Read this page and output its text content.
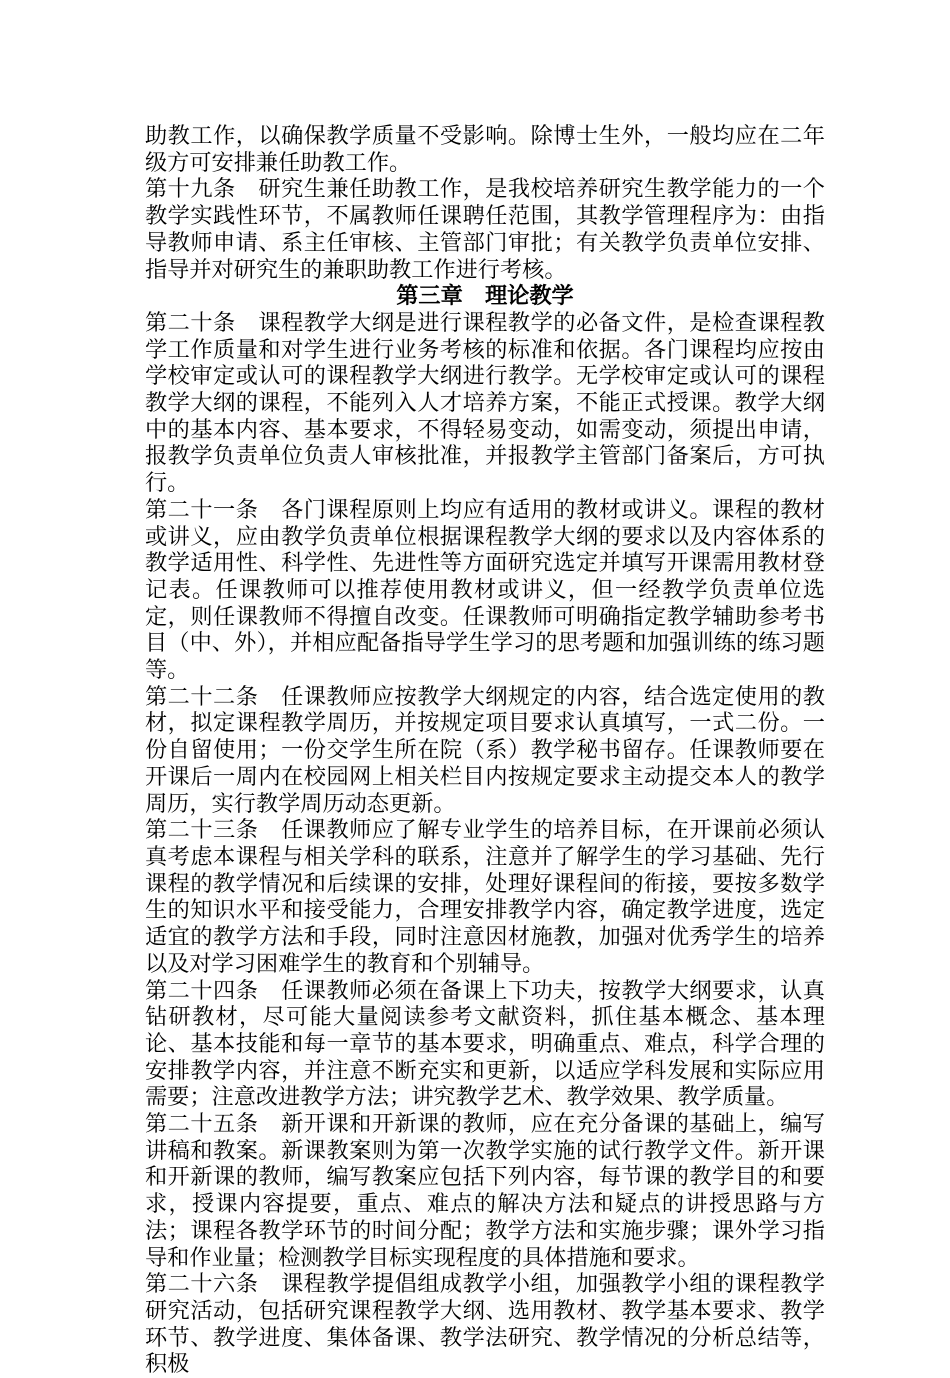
助教工作，以确保教学质量不受影响。除博士生外，一般均应在二年级方可安排兼任助教工作。

第十九条　研究生兼任助教工作，是我校培养研究生教学能力的一个教学实践性环节，不属教师任课聘任范围，其教学管理程序为：由指导教师申请、系主任审核、主管部门审批；有关教学负责单位安排、指导并对研究生的兼职助教工作进行考核。

第三章　理论教学

第二十条　课程教学大纲是进行课程教学的必备文件，是检查课程教学工作质量和对学生进行业务考核的标准和依据。各门课程均应按由学校审定或认可的课程教学大纲进行教学。无学校审定或认可的课程教学大纲的课程，不能列入人才培养方案，不能正式授课。教学大纲中的基本内容、基本要求，不得轻易变动，如需变动，须提出申请，报教学负责单位负责人审核批准，并报教学主管部门备案后，方可执行。

第二十一条　各门课程原则上均应有适用的教材或讲义。课程的教材或讲义，应由教学负责单位根据课程教学大纲的要求以及内容体系的教学适用性、科学性、先进性等方面研究选定并填写开课需用教材登记表。任课教师可以推荐使用教材或讲义，但一经教学负责单位选定，则任课教师不得擅自改变。任课教师可明确指定教学辅助参考书目（中、外），并相应配备指导学生学习的思考题和加强训练的练习题等。

第二十二条　任课教师应按教学大纲规定的内容，结合选定使用的教材，拟定课程教学周历，并按规定项目要求认真填写，一式二份。一份自留使用；一份交学生所在院（系）教学秘书留存。任课教师要在开课后一周内在校园网上相关栏目内按规定要求主动提交本人的教学周历，实行教学周历动态更新。

第二十三条　任课教师应了解专业学生的培养目标，在开课前必须认真考虑本课程与相关学科的联系，注意并了解学生的学习基础、先行课程的教学情况和后续课的安排，处理好课程间的衔接，要按多数学生的知识水平和接受能力，合理安排教学内容，确定教学进度，选定适宜的教学方法和手段，同时注意因材施教，加强对优秀学生的培养以及对学习困难学生的教育和个别辅导。

第二十四条　任课教师必须在备课上下功夫，按教学大纲要求，认真钻研教材，尽可能大量阅读参考文献资料，抓住基本概念、基本理论、基本技能和每一章节的基本要求，明确重点、难点，科学合理的安排教学内容，并注意不断充实和更新，以适应学科发展和实际应用需要；注意改进教学方法；讲究教学艺术、教学效果、教学质量。

第二十五条　新开课和开新课的教师，应在充分备课的基础上，编写讲稿和教案。新课教案则为第一次教学实施的试行教学文件。新开课和开新课的教师，编写教案应包括下列内容，每节课的教学目的和要求，授课内容提要，重点、难点的解决方法和疑点的讲授思路与方法；课程各教学环节的时间分配；教学方法和实施步骤；课外学习指导和作业量；检测教学目标实现程度的具体措施和要求。

第二十六条　课程教学提倡组成教学小组，加强教学小组的课程教学研究活动，包括研究课程教学大纲、选用教材、教学基本要求、教学环节、教学进度、集体备课、教学法研究、教学情况的分析总结等，积极
